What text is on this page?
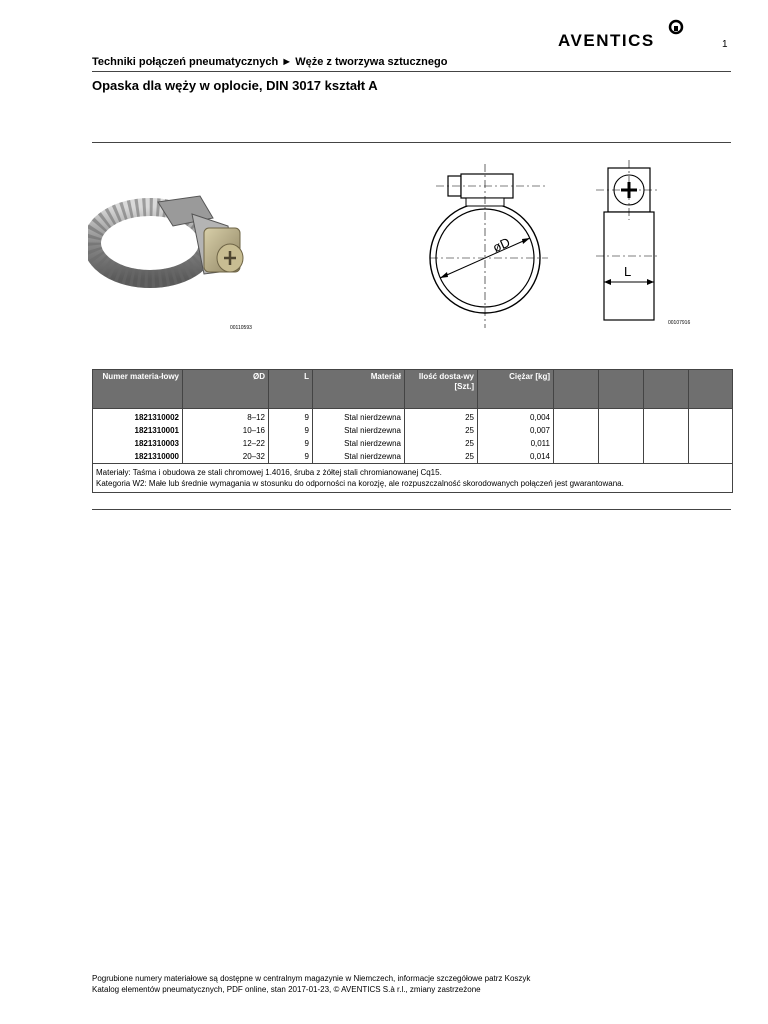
AVENTICS	1
Techniki połączeń pneumatycznych ► Węże z tworzywa sztucznego
Opaska dla węży w oplocie, DIN 3017 kształt A
00110593
øD
L
00107916
Numer materia-łowy	ØD	L	Materiał	Ilość dosta-wy [Szt.]	Ciężar [kg]				
1821310002	8–12	9	Stal nierdzewna	25	0,004				
1821310001	10–16	9	Stal nierdzewna	25	0,007				
1821310003	12–22	9	Stal nierdzewna	25	0,011				
1821310000	20–32	9	Stal nierdzewna	25	0,014				

Materiały: Taśma i obudowa ze stali chromowej 1.4016, śruba z żółtej stali chromianowanej Cq15.
Kategoria W2: Małe lub średnie wymagania w stosunku do odporności na korozję, ale rozpuszczalność skorodowanych połączeń jest gwarantowana.									
Pogrubione numery materiałowe są dostępne w centralnym magazynie w Niemczech, informacje szczegółowe patrz Koszyk
Katalog elementów pneumatycznych, PDF online, stan 2017-01-23, © AVENTICS S.à r.l., zmiany zastrzeżone
